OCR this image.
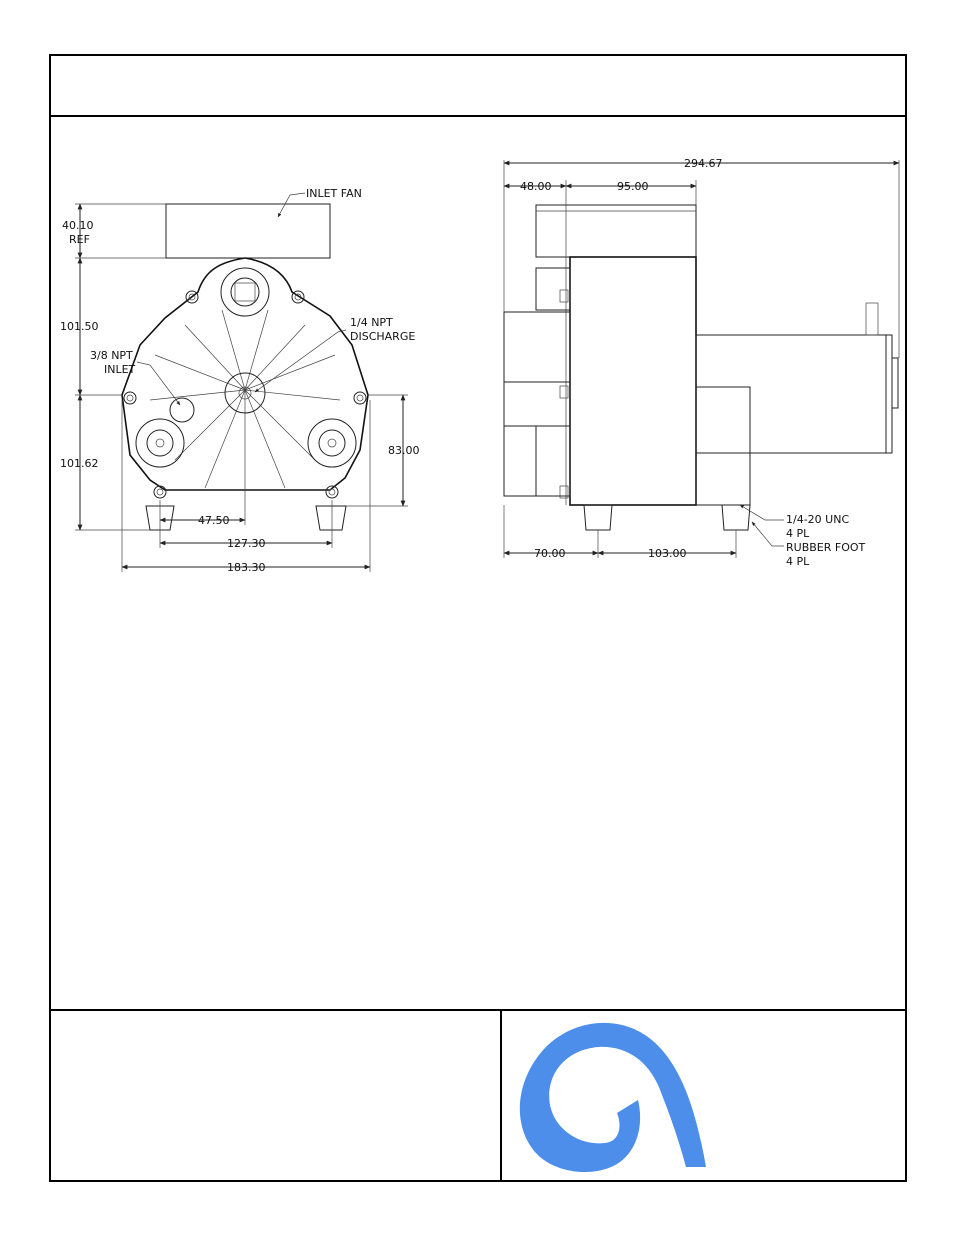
INLET FAN
40.10
REF
101.50
101.62
1/4 NPT
DISCHARGE
3/8 NPT
INLET
83.00
47.50
127.30
183.30
294.67
48.00	95.00
1/4-20 UNC
4 PL
RUBBER FOOT
4 PL
70.00	103.00
